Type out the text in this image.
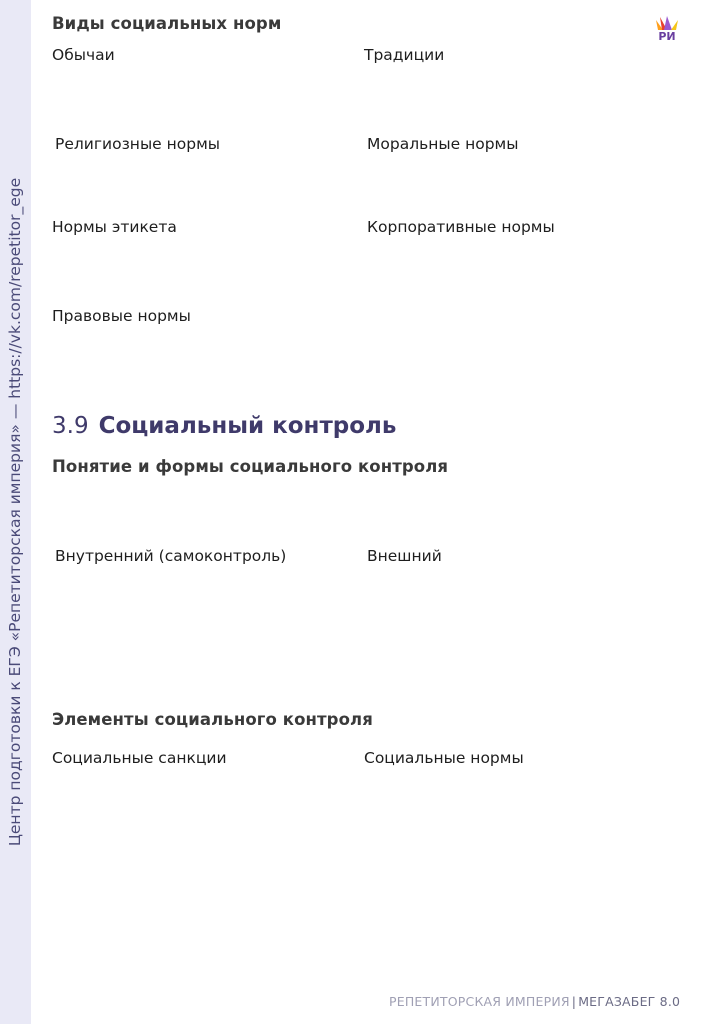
Центр подготовки к ЕГЭ «Репетиторская империя» — https://vk.com/repetitor_ege
РИ
Виды социальных норм
Обычаи	Традиции
Религиозные нормы	Моральные нормы
Нормы этикета	Корпоративные нормы
Правовые нормы
3.9 Социальный контроль
Понятие и формы социального контроля
Внутренний (самоконтроль)	Внешний
Элементы социального контроля
Социальные санкции	Социальные нормы
РЕПЕТИТОРСКАЯ ИМПЕРИЯ | МЕГАЗАБЕГ 8.0
